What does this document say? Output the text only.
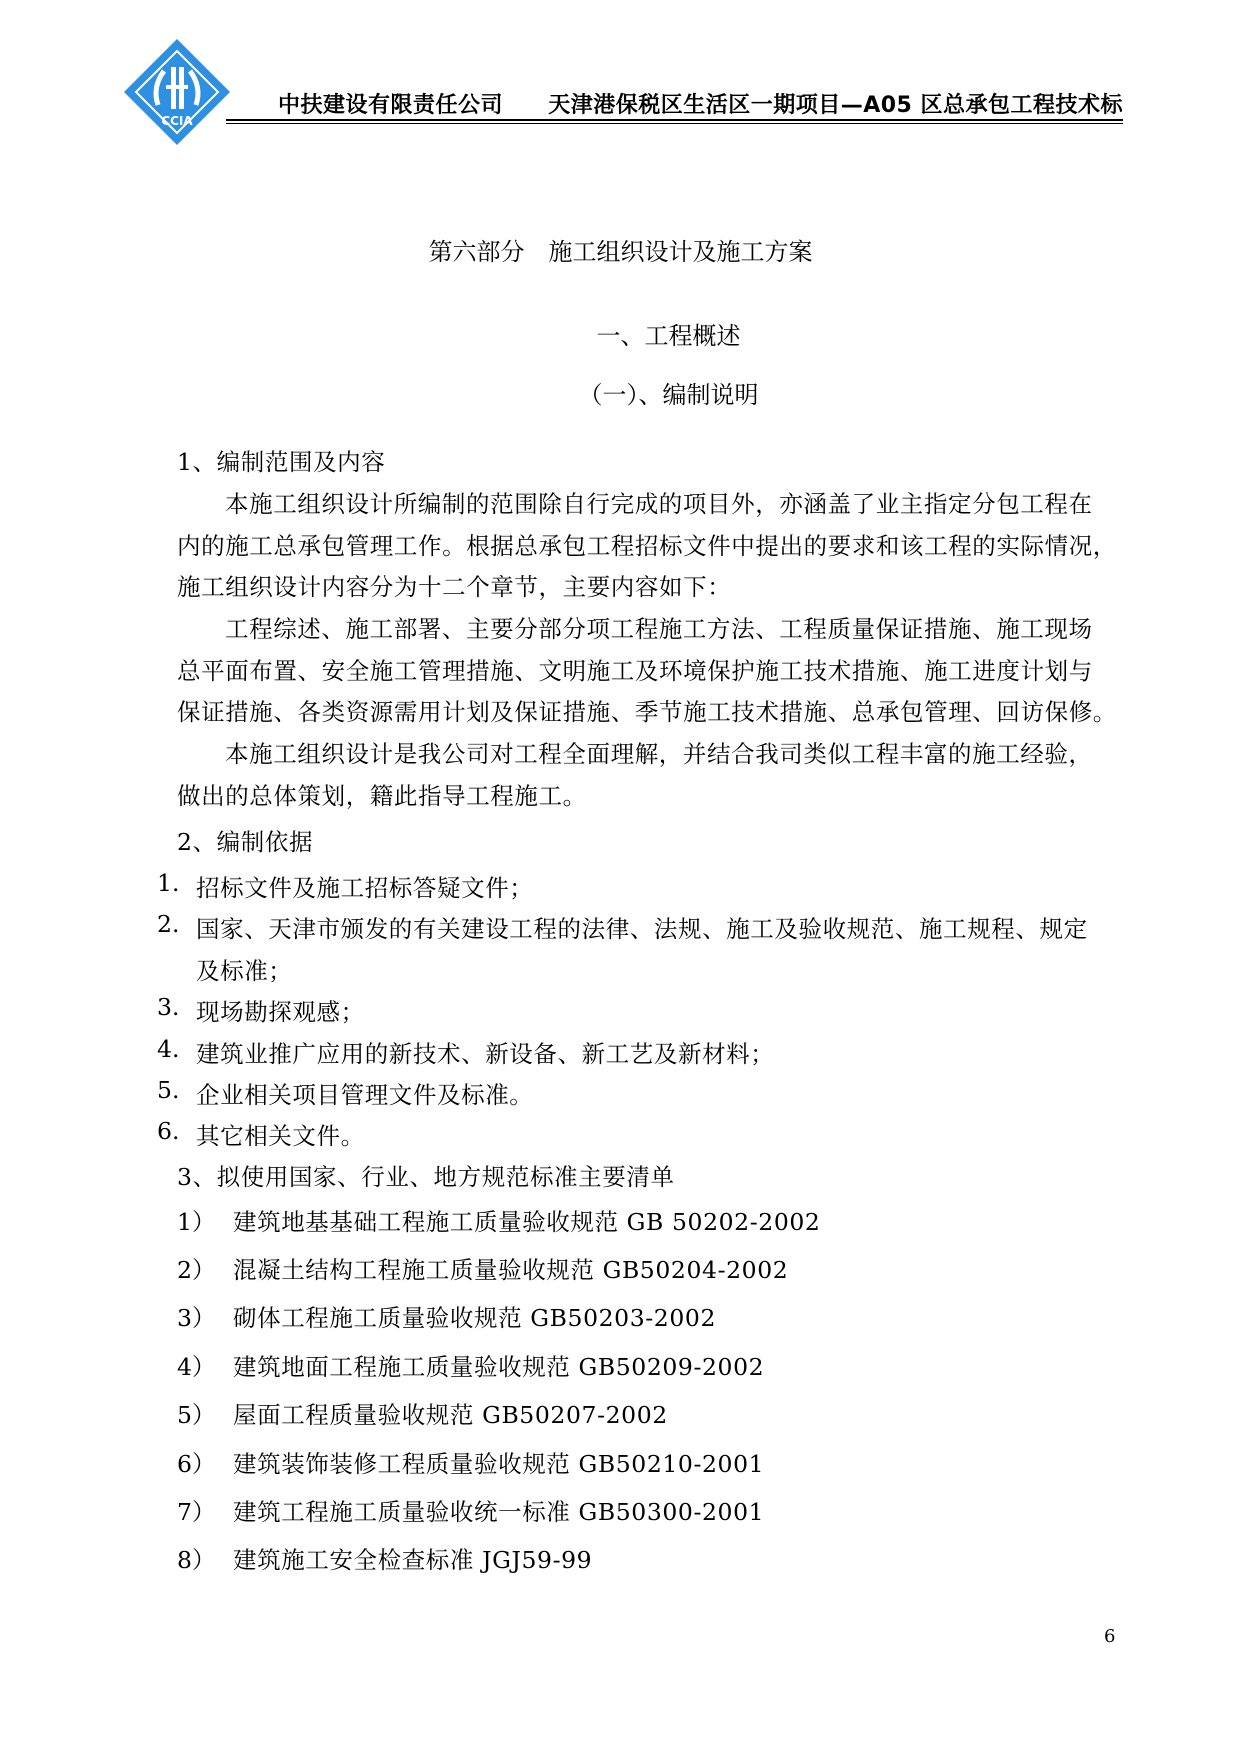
CCIA
中扶建设有限责任公司 天津港保税区生活区一期项目—A05 区总承包工程技术标
第六部分　施工组织设计及施工方案
一、工程概述
（一）、编制说明
1、编制范围及内容
本施工组织设计所编制的范围除自行完成的项目外，亦涵盖了业主指定分包工程在
内的施工总承包管理工作。根据总承包工程招标文件中提出的要求和该工程的实际情况，
施工组织设计内容分为十二个章节，主要内容如下：
工程综述、施工部署、主要分部分项工程施工方法、工程质量保证措施、施工现场
总平面布置、安全施工管理措施、文明施工及环境保护施工技术措施、施工进度计划与
保证措施、各类资源需用计划及保证措施、季节施工技术措施、总承包管理、回访保修。
本施工组织设计是我公司对工程全面理解，并结合我司类似工程丰富的施工经验，
做出的总体策划，籍此指导工程施工。
2、编制依据
1. 招标文件及施工招标答疑文件；
2. 国家、天津市颁发的有关建设工程的法律、法规、施工及验收规范、施工规程、规定
及标准；
3. 现场勘探观感；
4. 建筑业推广应用的新技术、新设备、新工艺及新材料；
5. 企业相关项目管理文件及标准。
6. 其它相关文件。
3、拟使用国家、行业、地方规范标准主要清单
1） 建筑地基基础工程施工质量验收规范 GB 50202-2002
2） 混凝土结构工程施工质量验收规范 GB50204-2002
3） 砌体工程施工质量验收规范 GB50203-2002
4） 建筑地面工程施工质量验收规范 GB50209-2002
5） 屋面工程质量验收规范 GB50207-2002
6） 建筑装饰装修工程质量验收规范 GB50210-2001
7） 建筑工程施工质量验收统一标准 GB50300-2001
8） 建筑施工安全检查标准 JGJ59-99
6
